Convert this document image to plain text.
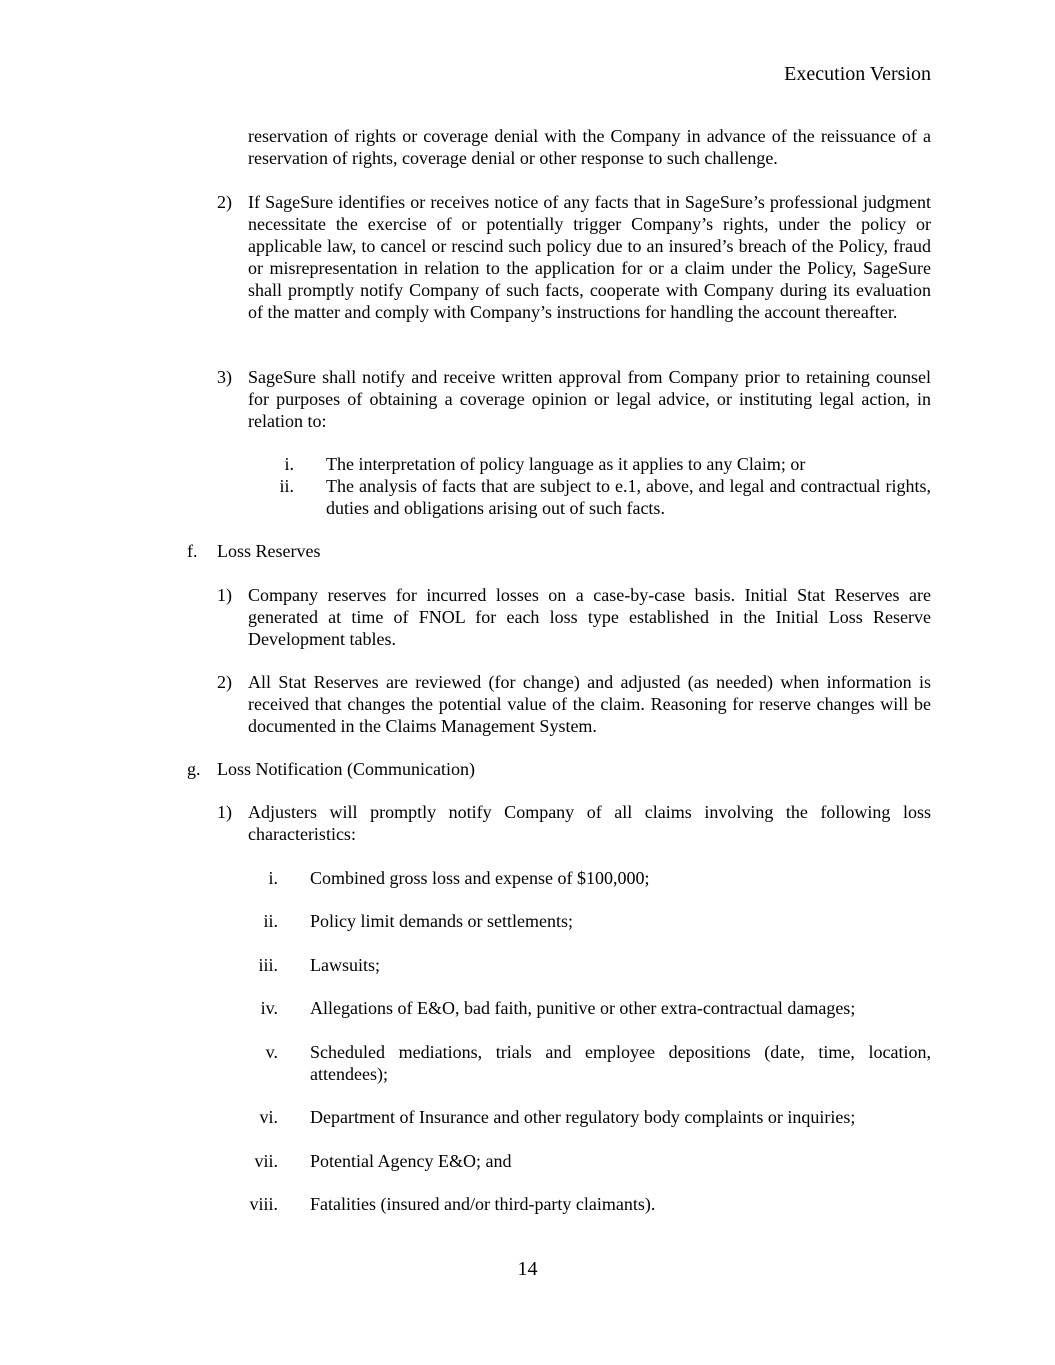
Execution Version
reservation of rights or coverage denial with the Company in advance of the reissuance of a reservation of rights, coverage denial or other response to such challenge.
2) If SageSure identifies or receives notice of any facts that in SageSure’s professional judgment necessitate the exercise of or potentially trigger Company’s rights, under the policy or applicable law, to cancel or rescind such policy due to an insured’s breach of the Policy, fraud or misrepresentation in relation to the application for or a claim under the Policy, SageSure shall promptly notify Company of such facts, cooperate with Company during its evaluation of the matter and comply with Company’s instructions for handling the account thereafter.
3) SageSure shall notify and receive written approval from Company prior to retaining counsel for purposes of obtaining a coverage opinion or legal advice, or instituting legal action, in relation to:
i. The interpretation of policy language as it applies to any Claim; or
ii. The analysis of facts that are subject to e.1, above, and legal and contractual rights, duties and obligations arising out of such facts.
f. Loss Reserves
1) Company reserves for incurred losses on a case-by-case basis. Initial Stat Reserves are generated at time of FNOL for each loss type established in the Initial Loss Reserve Development tables.
2) All Stat Reserves are reviewed (for change) and adjusted (as needed) when information is received that changes the potential value of the claim. Reasoning for reserve changes will be documented in the Claims Management System.
g. Loss Notification (Communication)
1) Adjusters will promptly notify Company of all claims involving the following loss characteristics:
i. Combined gross loss and expense of $100,000;
ii. Policy limit demands or settlements;
iii. Lawsuits;
iv. Allegations of E&O, bad faith, punitive or other extra-contractual damages;
v. Scheduled mediations, trials and employee depositions (date, time, location, attendees);
vi. Department of Insurance and other regulatory body complaints or inquiries;
vii. Potential Agency E&O; and
viii. Fatalities (insured and/or third-party claimants).
14
